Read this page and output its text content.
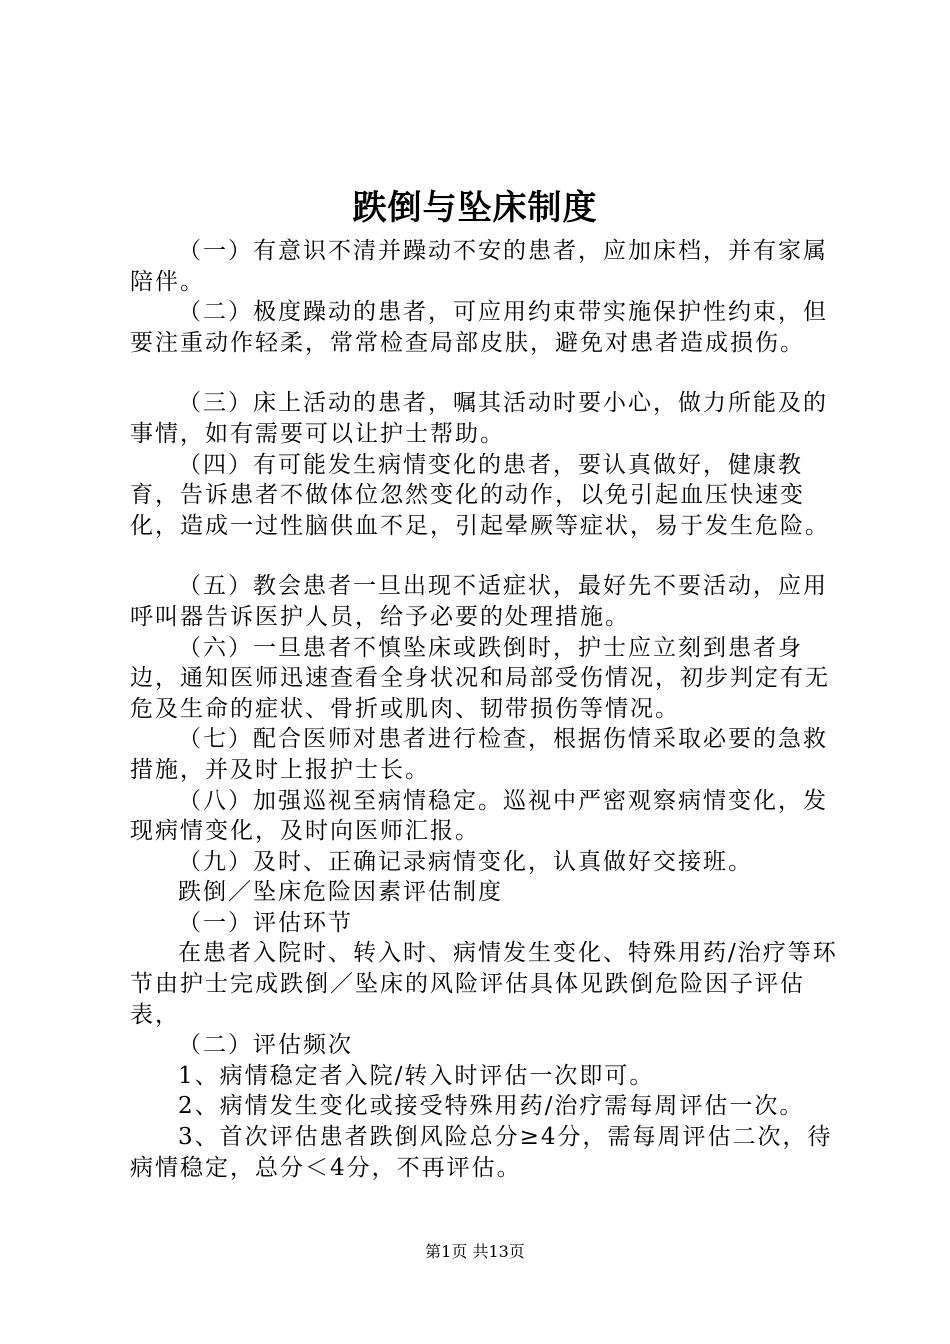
跌倒与坠床制度

（一）有意识不清并躁动不安的患者，应加床档，并有家属陪伴。

（二）极度躁动的患者，可应用约束带实施保护性约束，但要注重动作轻柔，常常检查局部皮肤，避免对患者造成损伤。

（三）床上活动的患者，嘱其活动时要小心，做力所能及的事情，如有需要可以让护士帮助。

（四）有可能发生病情变化的患者，要认真做好，健康教育，告诉患者不做体位忽然变化的动作，以免引起血压快速变化，造成一过性脑供血不足，引起晕厥等症状，易于发生危险。

（五）教会患者一旦出现不适症状，最好先不要活动，应用呼叫器告诉医护人员，给予必要的处理措施。

（六）一旦患者不慎坠床或跌倒时，护士应立刻到患者身边，通知医师迅速查看全身状况和局部受伤情况，初步判定有无危及生命的症状、骨折或肌肉、韧带损伤等情况。

（七）配合医师对患者进行检查，根据伤情采取必要的急救措施，并及时上报护士长。

（八）加强巡视至病情稳定。巡视中严密观察病情变化，发现病情变化，及时向医师汇报。

（九）及时、正确记录病情变化，认真做好交接班。

跌倒／坠床危险因素评估制度

（一）评估环节

在患者入院时、转入时、病情发生变化、特殊用药/治疗等环节由护士完成跌倒／坠床的风险评估具体见跌倒危险因子评估表，

（二）评估频次

1、病情稳定者入院/转入时评估一次即可。

2、病情发生变化或接受特殊用药/治疗需每周评估一次。

3、首次评估患者跌倒风险总分≥4分，需每周评估二次，待病情稳定，总分＜4分，不再评估。

第1页 共13页
